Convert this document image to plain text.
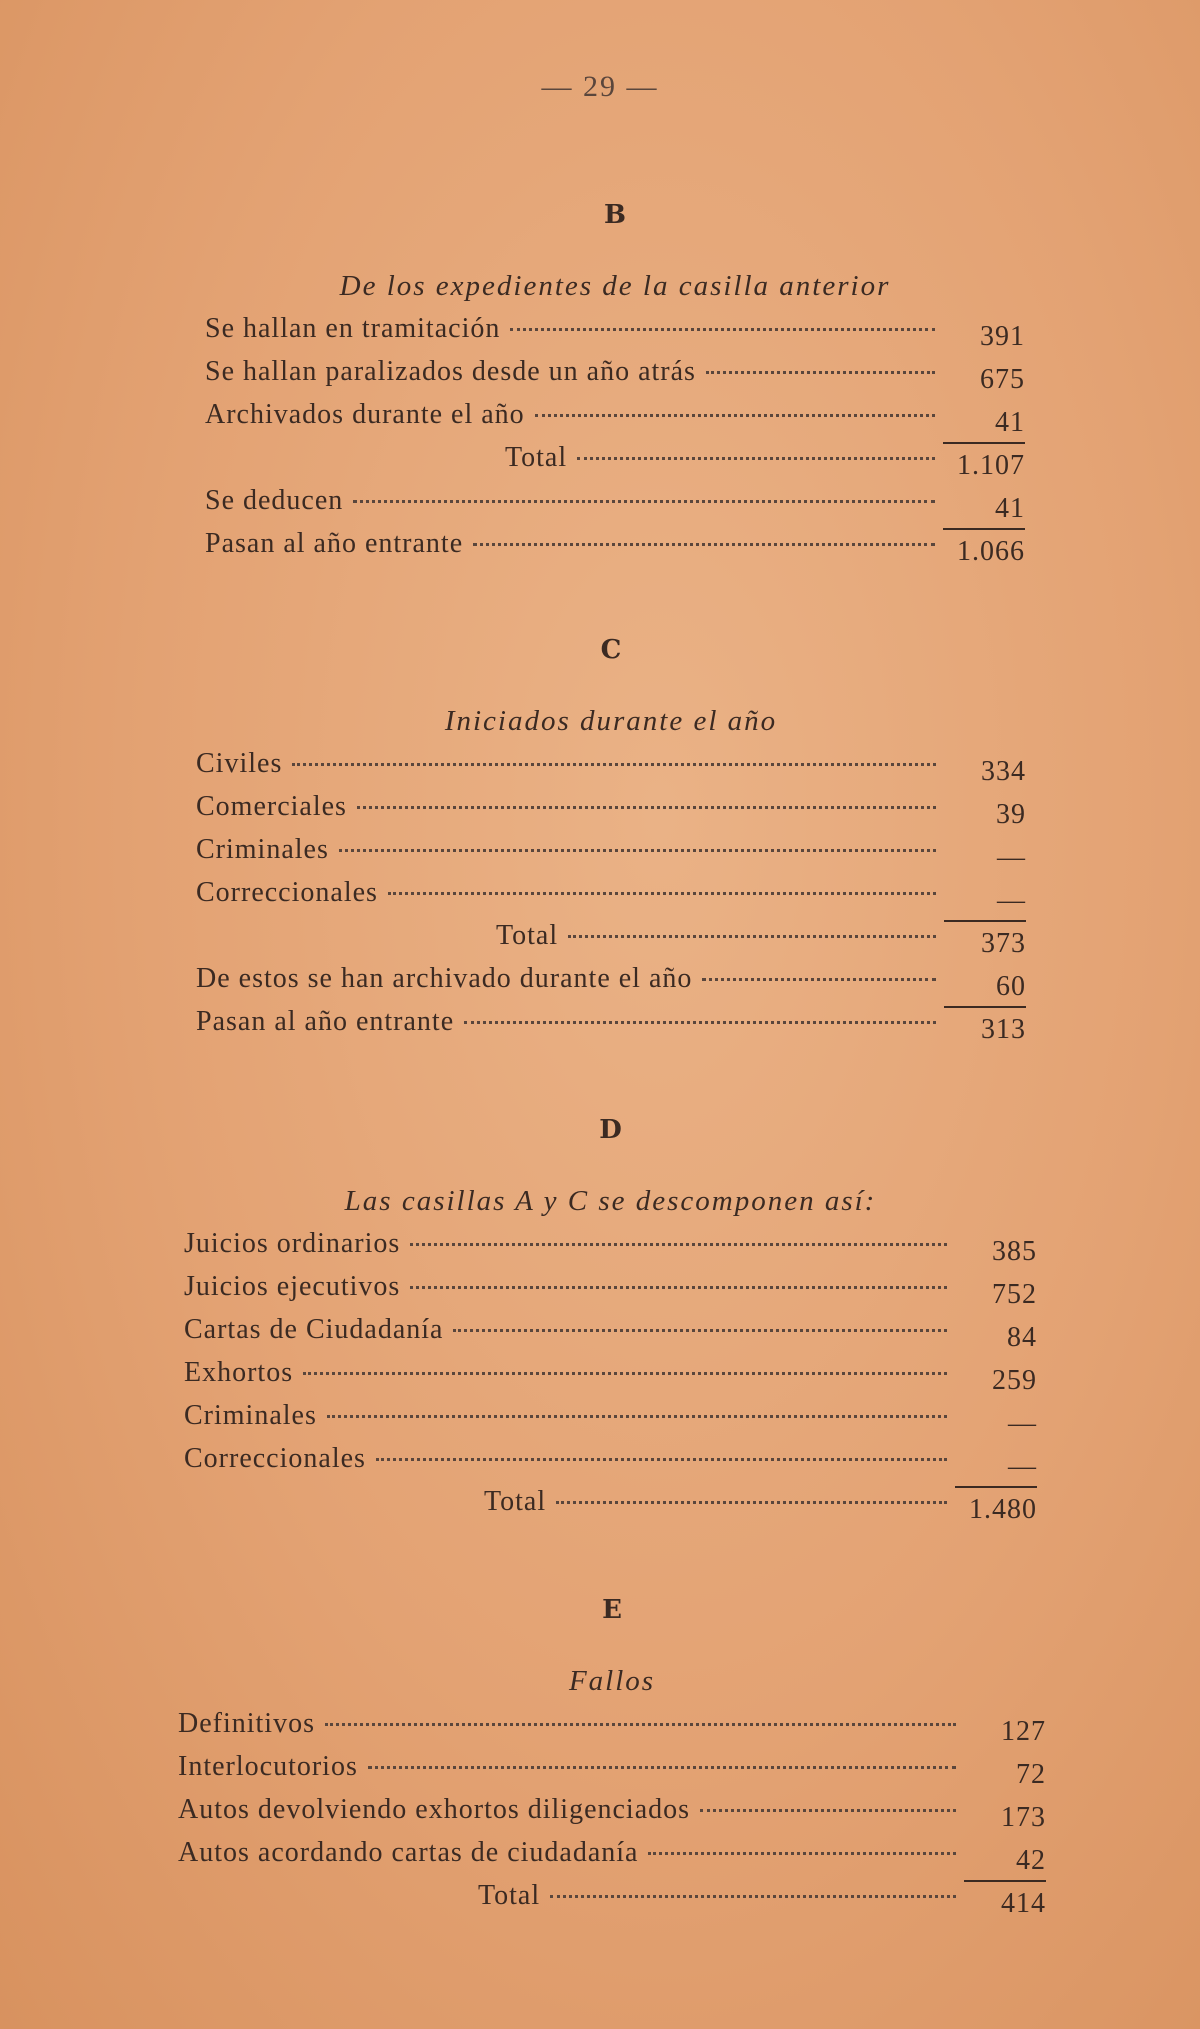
— 29 —
B
De los expedientes de la casilla anterior
Se hallan en tramitación	391
Se hallan paralizados desde un año atrás	675
Archivados durante el año	41
Total	1.107
Se deducen	41
Pasan al año entrante	1.066
C
Iniciados durante el año
Civiles	334
Comerciales	39
Criminales	—
Correccionales	—
Total	373
De estos se han archivado durante el año	60
Pasan al año entrante	313
D
Las casillas A y C se descomponen así:
Juicios ordinarios	385
Juicios ejecutivos	752
Cartas de Ciudadanía	84
Exhortos	259
Criminales	—
Correccionales	—
Total	1.480
E
Fallos
Definitivos	127
Interlocutorios	72
Autos devolviendo exhortos diligenciados	173
Autos acordando cartas de ciudadanía	42
Total	414
